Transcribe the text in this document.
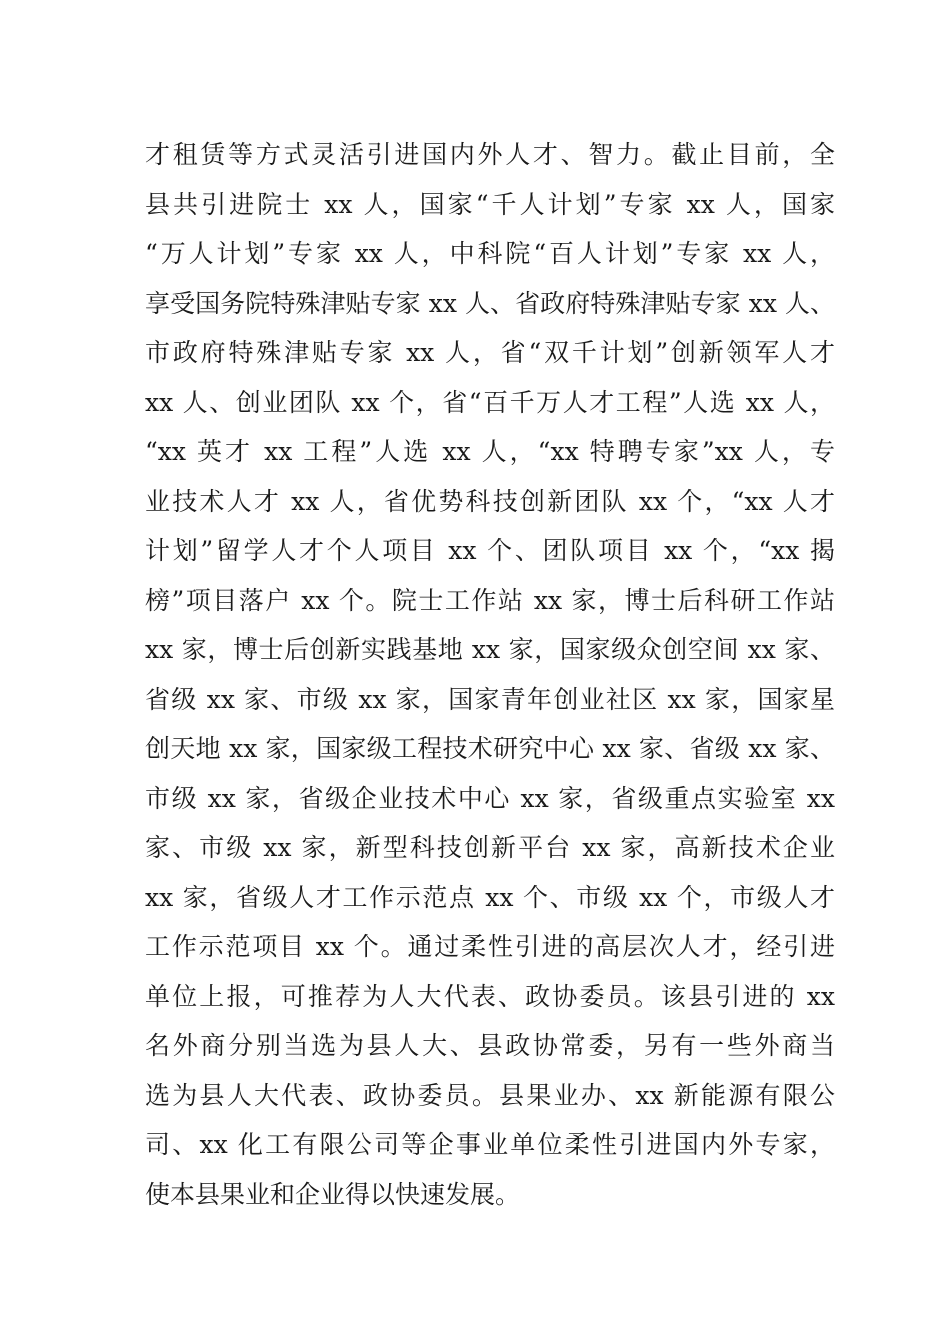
才租赁等方式灵活引进国内外人才、智力。截止目前，全
县共引进院士 xx 人，国家“千人计划”专家 xx 人，国家
“万人计划”专家 xx 人，中科院“百人计划”专家 xx 人，
享受国务院特殊津贴专家 xx 人、省政府特殊津贴专家 xx 人、
市政府特殊津贴专家 xx 人，省“双千计划”创新领军人才
xx 人、创业团队 xx 个，省“百千万人才工程”人选 xx 人，
“xx 英才 xx 工程”人选 xx 人，“xx 特聘专家”xx 人，专
业技术人才 xx 人，省优势科技创新团队 xx 个，“xx 人才
计划”留学人才个人项目 xx 个、团队项目 xx 个，“xx 揭
榜”项目落户 xx 个。院士工作站 xx 家，博士后科研工作站
xx 家，博士后创新实践基地 xx 家，国家级众创空间 xx 家、
省级 xx 家、市级 xx 家，国家青年创业社区 xx 家，国家星
创天地 xx 家，国家级工程技术研究中心 xx 家、省级 xx 家、
市级 xx 家，省级企业技术中心 xx 家，省级重点实验室 xx
家、市级 xx 家，新型科技创新平台 xx 家，高新技术企业
xx 家，省级人才工作示范点 xx 个、市级 xx 个，市级人才
工作示范项目 xx 个。通过柔性引进的高层次人才，经引进
单位上报，可推荐为人大代表、政协委员。该县引进的 xx
名外商分别当选为县人大、县政协常委，另有一些外商当
选为县人大代表、政协委员。县果业办、xx 新能源有限公
司、xx 化工有限公司等企事业单位柔性引进国内外专家，
使本县果业和企业得以快速发展。
